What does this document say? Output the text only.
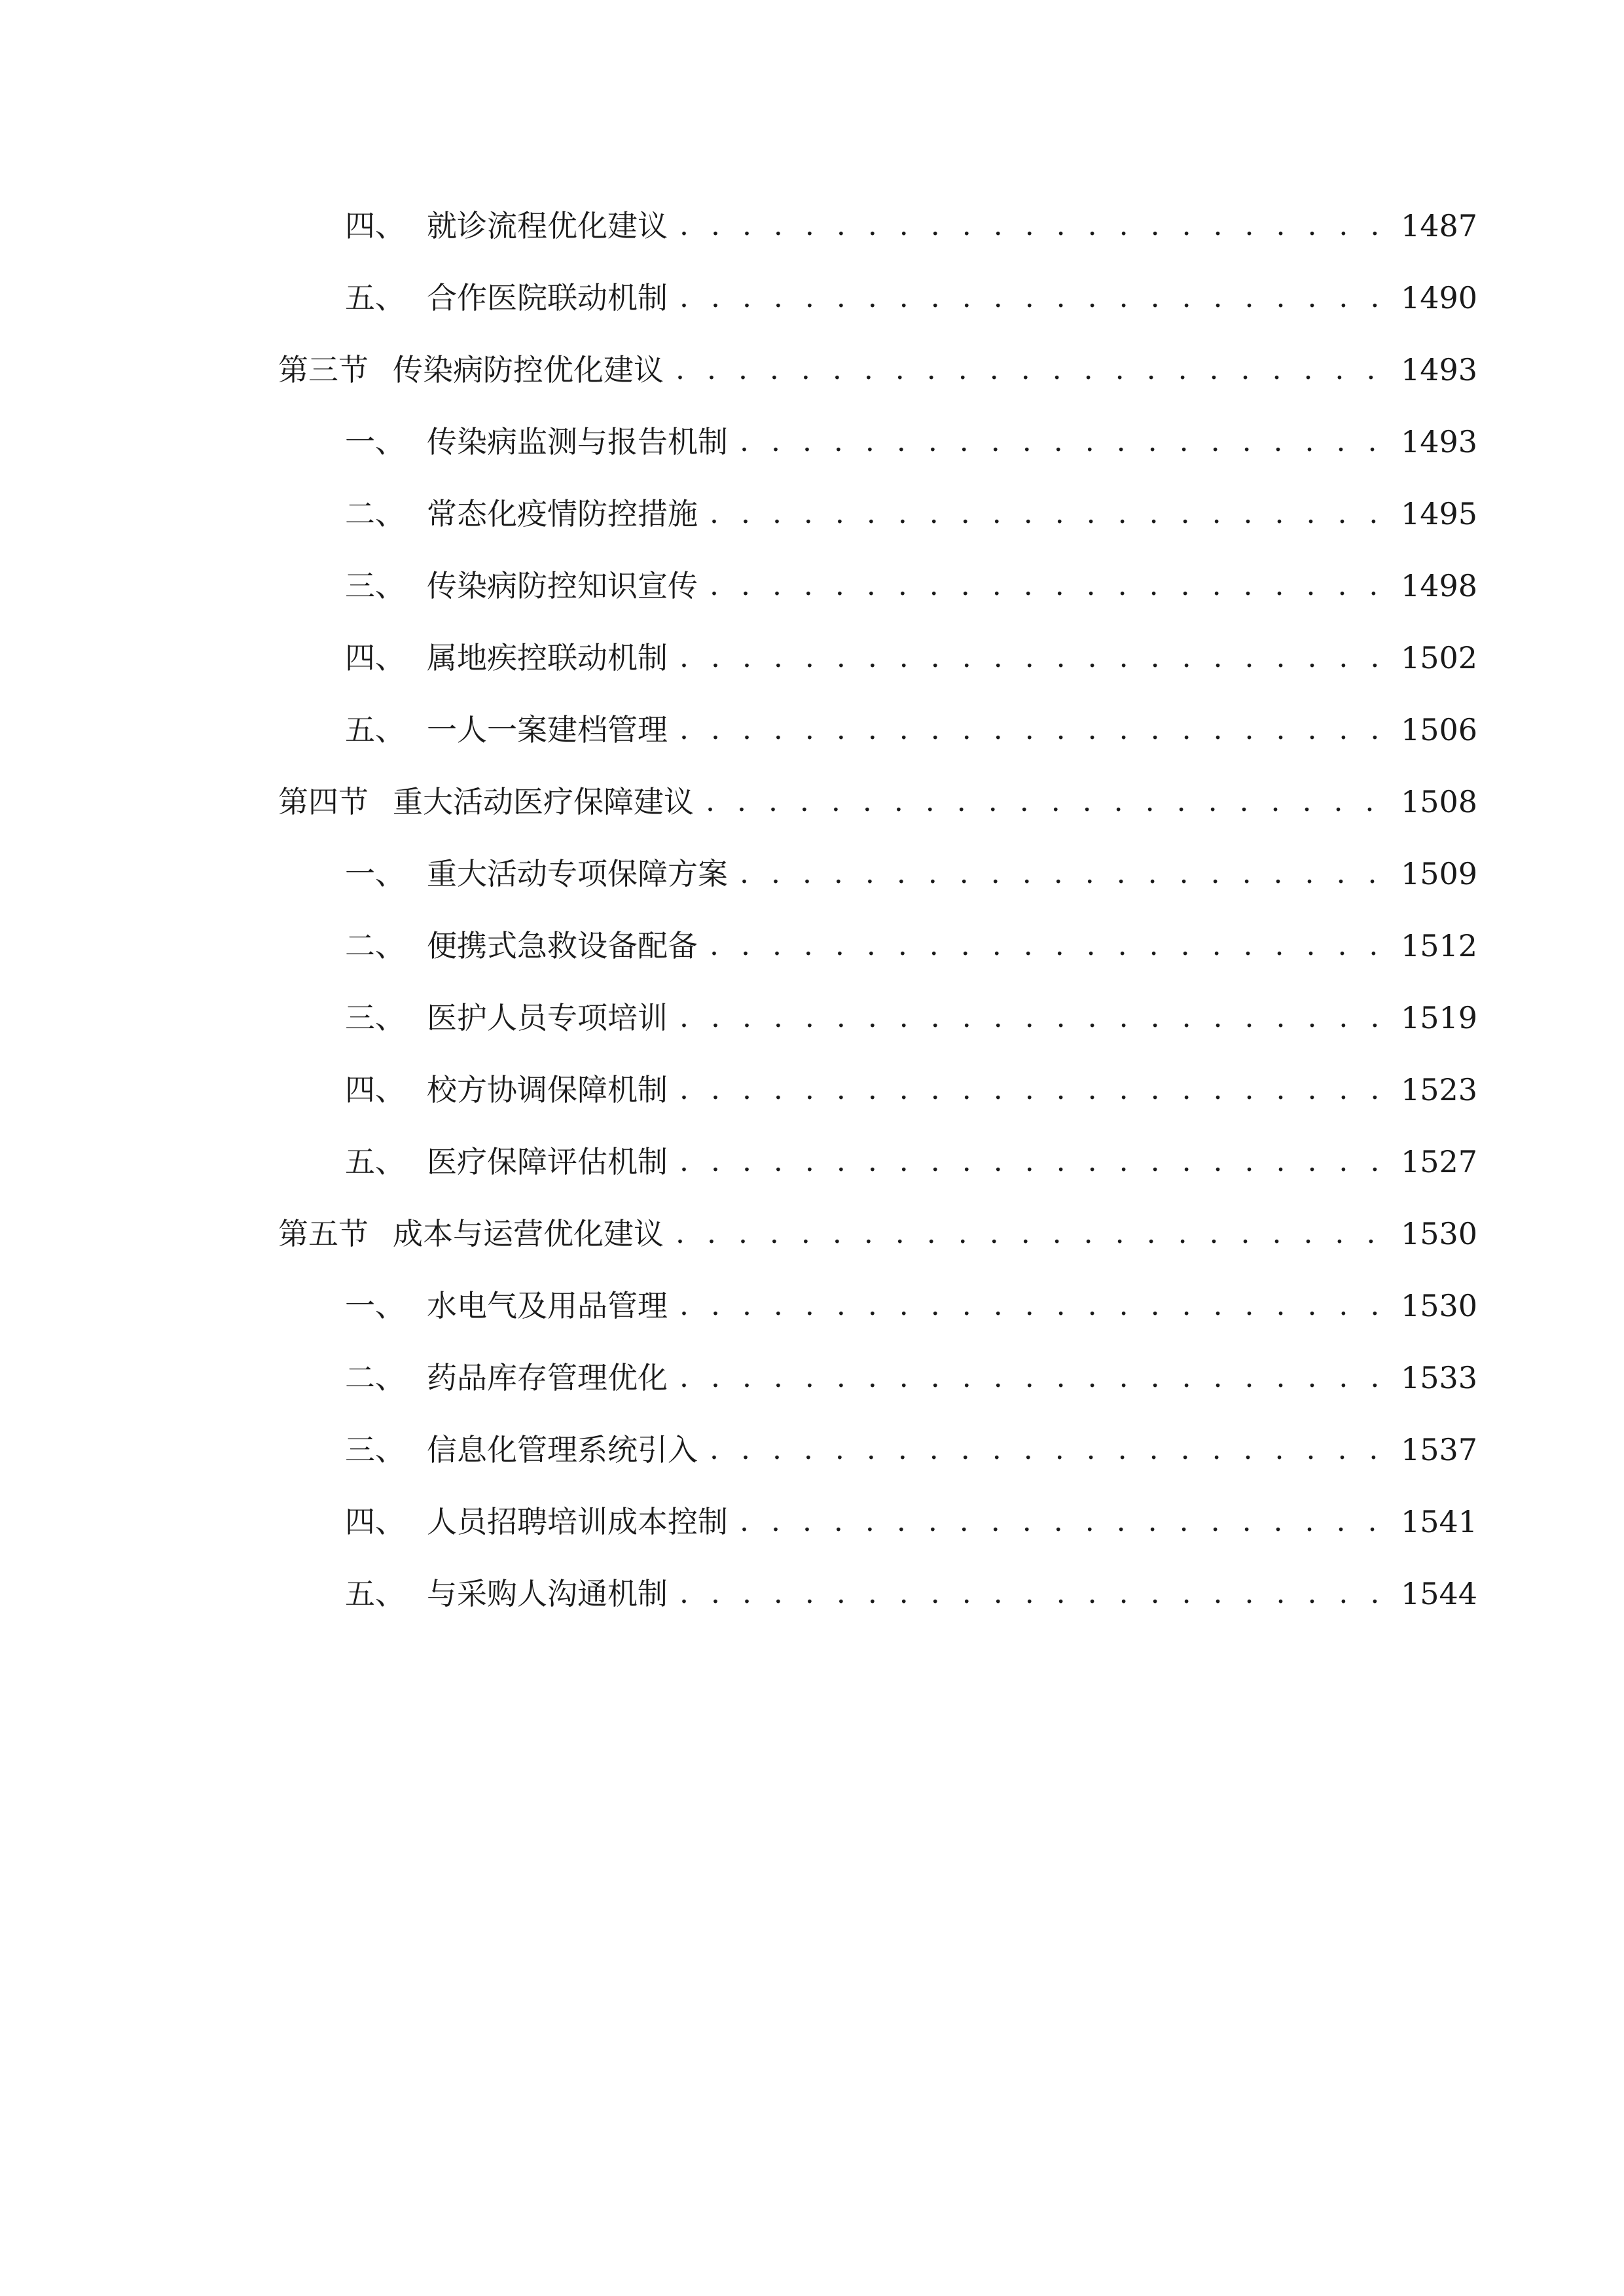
四、 就诊流程优化建议 . . .	1487
五、 合作医院联动机制 . . .	1490
第三节 传染病防控优化建议 . . .	1493
一、 传染病监测与报告机制 . . .	1493
二、 常态化疫情防控措施 . . .	1495
三、 传染病防控知识宣传 . . .	1498
四、 属地疾控联动机制 . . .	1502
五、 一人一案建档管理 . . .	1506
第四节 重大活动医疗保障建议 . . .	1508
一、 重大活动专项保障方案 . . .	1509
二、 便携式急救设备配备 . . .	1512
三、 医护人员专项培训 . . .	1519
四、 校方协调保障机制 . . .	1523
五、 医疗保障评估机制 . . .	1527
第五节 成本与运营优化建议 . . .	1530
一、 水电气及用品管理 . . .	1530
二、 药品库存管理优化 . . .	1533
三、 信息化管理系统引入 . . .	1537
四、 人员招聘培训成本控制 . . .	1541
五、 与采购人沟通机制 . . .	1544
